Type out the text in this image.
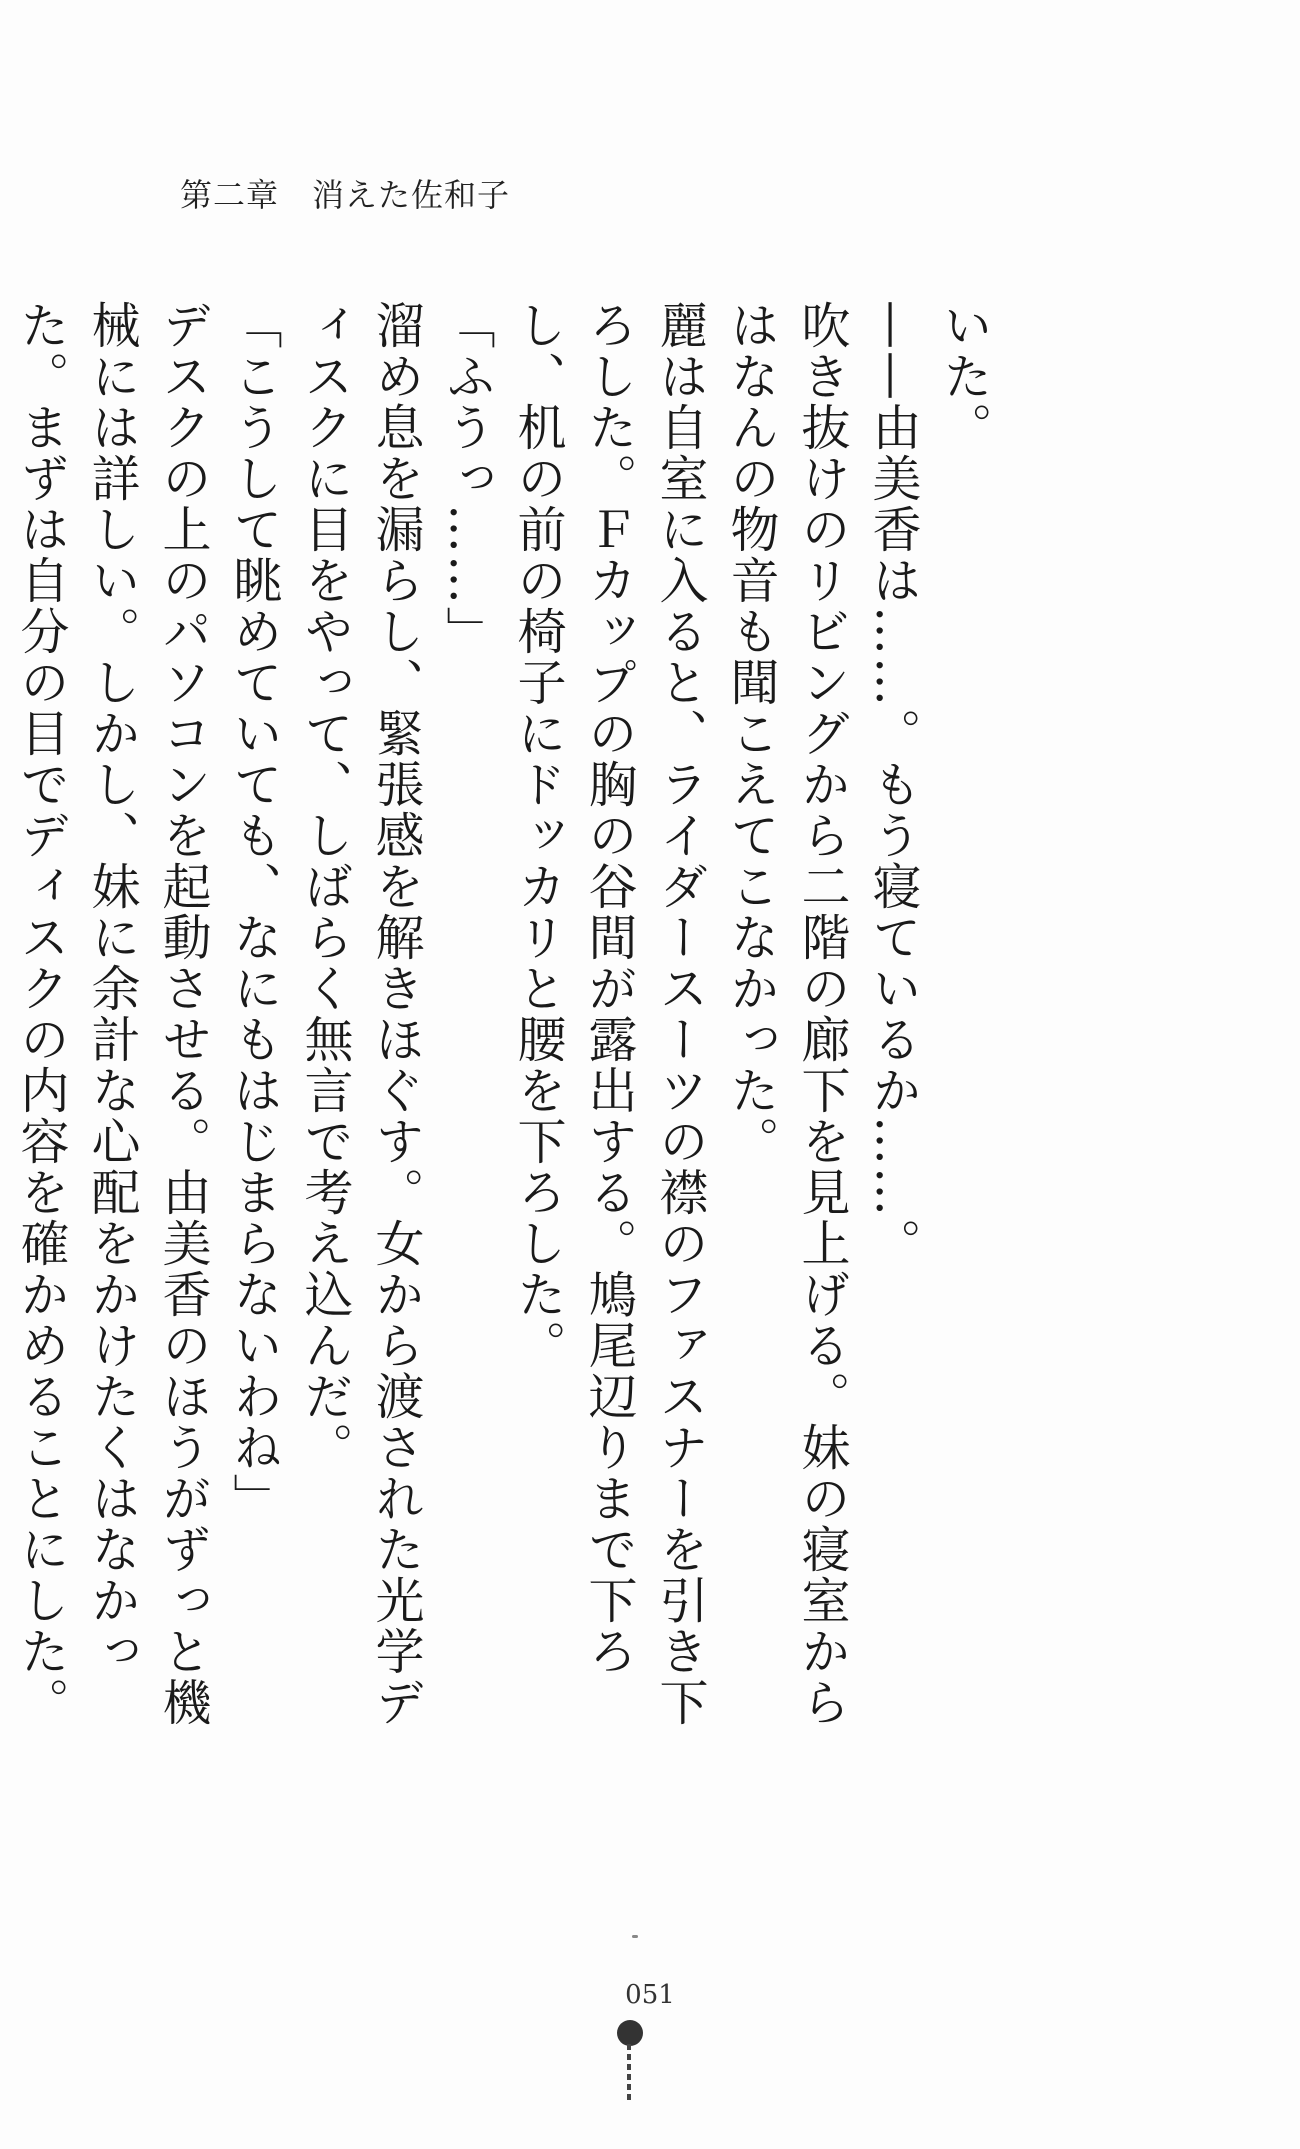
第二章　消えた佐和子

いた。

——由美香は……。もう寝ているか……。

吹き抜けのリビングから二階の廊下を見上げる。妹の寝室からはなんの物音も聞こえてこなかった。

麗は自室に入ると、ライダースーツの襟のファスナーを引き下ろした。Ｆカップの胸の谷間が露出する。鳩尾辺りまで下ろし、机の前の椅子にドッカリと腰を下ろした。

「ふうっ……」

溜め息を漏らし、緊張感を解きほぐす。女から渡された光学ディスクに目をやって、しばらく無言で考え込んだ。

「こうして眺めていても、なにもはじまらないわね」

デスクの上のパソコンを起動させる。由美香のほうがずっと機械には詳しい。しかし、妹に余計な心配をかけたくはなかった。まずは自分の目でディスクの内容を確かめることにした。

051
